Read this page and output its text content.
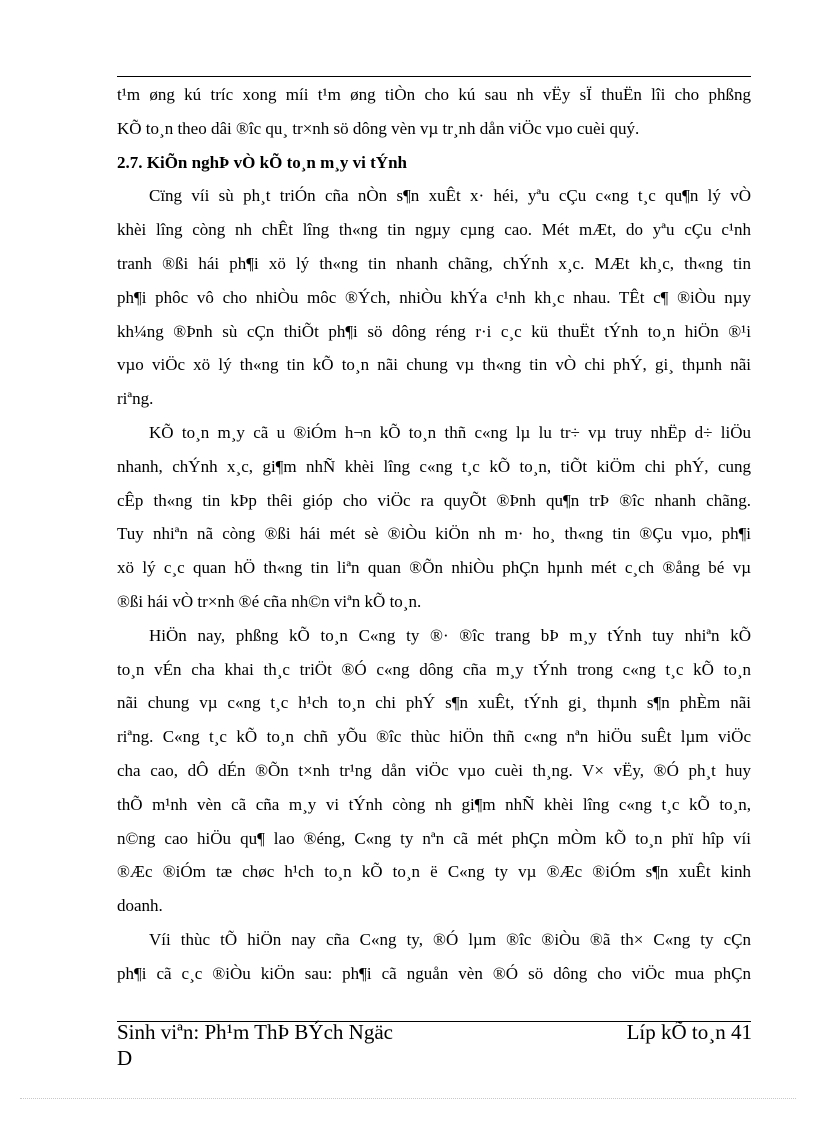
t¹m øng kú tríc xong míi t¹m øng tiÒn cho kú sau nh vËy sÏ thuËn lîi cho phßng
KÕ to¸n theo dâi ®îc qu¸ tr×nh sö dông vèn vµ tr¸nh dån viÖc vµo cuèi quý.
2.7. KiÕn nghÞ vÒ kÕ to¸n m¸y vi tÝnh
Cïng víi sù ph¸t triÓn cña nÒn s¶n xuÊt x· héi, yªu cÇu c«ng t¸c qu¶n lý vÒ
khèi lîng còng nh chÊt lîng th«ng tin ngµy cµng cao. Mét mÆt, do yªu cÇu c¹nh
tranh ®ßi hái ph¶i xö lý th«ng tin nhanh chãng, chÝnh x¸c. MÆt kh¸c, th«ng tin
ph¶i phôc vô cho nhiÒu môc ®Ých, nhiÒu khÝa c¹nh kh¸c nhau. TÊt c¶ ®iÒu nµy
kh¼ng ®Þnh sù cÇn thiÕt ph¶i sö dông réng r·i c¸c kü thuËt tÝnh to¸n hiÖn ®¹i
vµo viÖc xö lý th«ng tin kÕ to¸n nãi chung vµ th«ng tin vÒ chi phÝ, gi¸ thµnh nãi
riªng.
KÕ to¸n m¸y cã u ®iÓm h¬n kÕ to¸n thñ c«ng lµ lu tr÷ vµ truy nhËp d÷ liÖu
nhanh, chÝnh x¸c, gi¶m nhÑ khèi lîng c«ng t¸c kÕ to¸n, tiÕt kiÖm chi phÝ, cung
cÊp th«ng tin kÞp thêi gióp cho viÖc ra quyÕt ®Þnh qu¶n trÞ ®îc nhanh chãng.
Tuy nhiªn nã còng ®ßi hái mét sè ®iÒu kiÖn nh m· ho¸ th«ng tin ®Çu vµo, ph¶i
xö lý c¸c quan hÖ th«ng tin liªn quan ®Õn nhiÒu phÇn hµnh mét c¸ch ®ång bé vµ
®ßi hái vÒ tr×nh ®é cña nh©n viªn kÕ to¸n.
HiÖn nay, phßng kÕ to¸n C«ng ty ®· ®îc trang bÞ m¸y tÝnh tuy nhiªn kÕ
to¸n vÉn cha khai th¸c triÖt ®Ó c«ng dông cña m¸y tÝnh trong c«ng t¸c kÕ to¸n
nãi chung vµ c«ng t¸c h¹ch to¸n chi phÝ s¶n xuÊt, tÝnh gi¸ thµnh s¶n phÈm nãi
riªng. C«ng t¸c kÕ to¸n chñ yÕu ®îc thùc hiÖn thñ c«ng nªn hiÖu suÊt lµm viÖc
cha cao, dÔ dÉn ®Õn t×nh tr¹ng dån viÖc vµo cuèi th¸ng. V× vËy, ®Ó ph¸t huy
thÕ m¹nh vèn cã cña m¸y vi tÝnh còng nh gi¶m nhÑ khèi lîng c«ng t¸c kÕ to¸n,
n©ng cao hiÖu qu¶ lao ®éng, C«ng ty nªn cã mét phÇn mÒm kÕ to¸n phï hîp víi
®Æc ®iÓm tæ chøc h¹ch to¸n kÕ to¸n ë C«ng ty vµ ®Æc ®iÓm s¶n xuÊt kinh
doanh.
Víi thùc tÕ hiÖn nay cña C«ng ty, ®Ó lµm ®îc ®iÒu ®ã th× C«ng ty cÇn
ph¶i cã c¸c ®iÒu kiÖn sau: ph¶i cã nguån vèn ®Ó sö dông cho viÖc mua phÇn
Sinh viªn: Ph¹m ThÞ BÝch Ngäc	Líp kÕ to¸n 41
D
